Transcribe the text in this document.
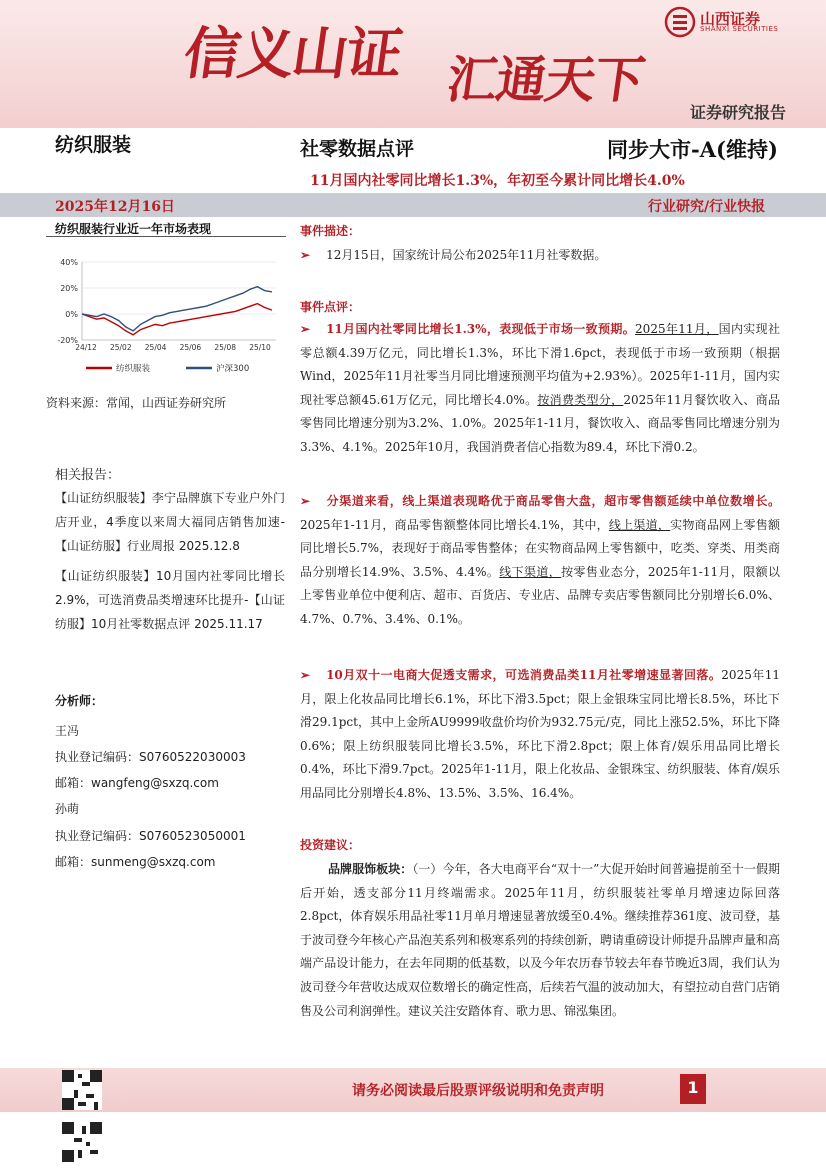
信义山证 汇通天下
山西证券
SHANXI SECURITIES
证券研究报告
纺织服装	社零数据点评	同步大市-A(维持)
11月国内社零同比增长1.3%，年初至今累计同比增长4.0%
2025年12月16日	行业研究/行业快报
纺织服装行业近一年市场表现
40%
20%
0%
-20%
24/12 25/02 25/04 25/06 25/08 25/10
纺织服装	沪深300
资料来源：常闻，山西证券研究所
相关报告：
【山证纺织服装】李宁品牌旗下专业户外门店开业，4季度以来周大福同店销售加速-【山证纺服】行业周报 2025.12.8
【山证纺织服装】10月国内社零同比增长2.9%，可选消费品类增速环比提升-【山证纺服】10月社零数据点评 2025.11.17
分析师：
王冯
执业登记编码：S0760522030003
邮箱：wangfeng@sxzq.com
孙萌
执业登记编码：S0760523050001
邮箱：sunmeng@sxzq.com
事件描述：
➢ 12月15日，国家统计局公布2025年11月社零数据。
事件点评：
➢ 11月国内社零同比增长1.3%，表现低于市场一致预期。2025年11月，国内实现社零总额4.39万亿元，同比增长1.3%，环比下滑1.6pct，表现低于市场一致预期（根据Wind，2025年11月社零当月同比增速预测平均值为+2.93%）。2025年1-11月，国内实现社零总额45.61万亿元，同比增长4.0%。按消费类型分，2025年11月餐饮收入、商品零售同比增速分别为3.2%、1.0%。2025年1-11月，餐饮收入、商品零售同比增速分别为3.3%、4.1%。2025年10月，我国消费者信心指数为89.4，环比下滑0.2。
➢ 分渠道来看，线上渠道表现略优于商品零售大盘，超市零售额延续中单位数增长。2025年1-11月，商品零售额整体同比增长4.1%，其中，线上渠道，实物商品网上零售额同比增长5.7%，表现好于商品零售整体；在实物商品网上零售额中，吃类、穿类、用类商品分别增长14.9%、3.5%、4.4%。线下渠道，按零售业态分，2025年1-11月，限额以上零售业单位中便利店、超市、百货店、专业店、品牌专卖店零售额同比分别增长6.0%、4.7%、0.7%、3.4%、0.1%。
➢ 10月双十一电商大促透支需求，可选消费品类11月社零增速显著回落。2025年11月，限上化妆品同比增长6.1%，环比下滑3.5pct；限上金银珠宝同比增长8.5%，环比下滑29.1pct，其中上金所AU9999收盘价均价为932.75元/克，同比上涨52.5%，环比下降0.6%；限上纺织服装同比增长3.5%，环比下滑2.8pct；限上体育/娱乐用品同比增长0.4%，环比下滑9.7pct。2025年1-11月，限上化妆品、金银珠宝、纺织服装、体育/娱乐用品同比分别增长4.8%、13.5%、3.5%、16.4%。
投资建议：
品牌服饰板块：（一）今年，各大电商平台“双十一”大促开始时间普遍提前至十一假期后开始，透支部分11月终端需求。2025年11月，纺织服装社零单月增速边际回落2.8pct，体育娱乐用品社零11月单月增速显著放缓至0.4%。继续推荐361度、波司登，基于波司登今年核心产品泡芙系列和极寒系列的持续创新，聘请重磅设计师提升品牌声量和高端产品设计能力，在去年同期的低基数，以及今年农历春节较去年春节晚近3周，我们认为波司登今年营收达成双位数增长的确定性高，后续若气温的波动加大，有望拉动自营门店销售及公司利润弹性。建议关注安踏体育、歌力思、锦泓集团。
请务必阅读最后股票评级说明和免责声明	1
